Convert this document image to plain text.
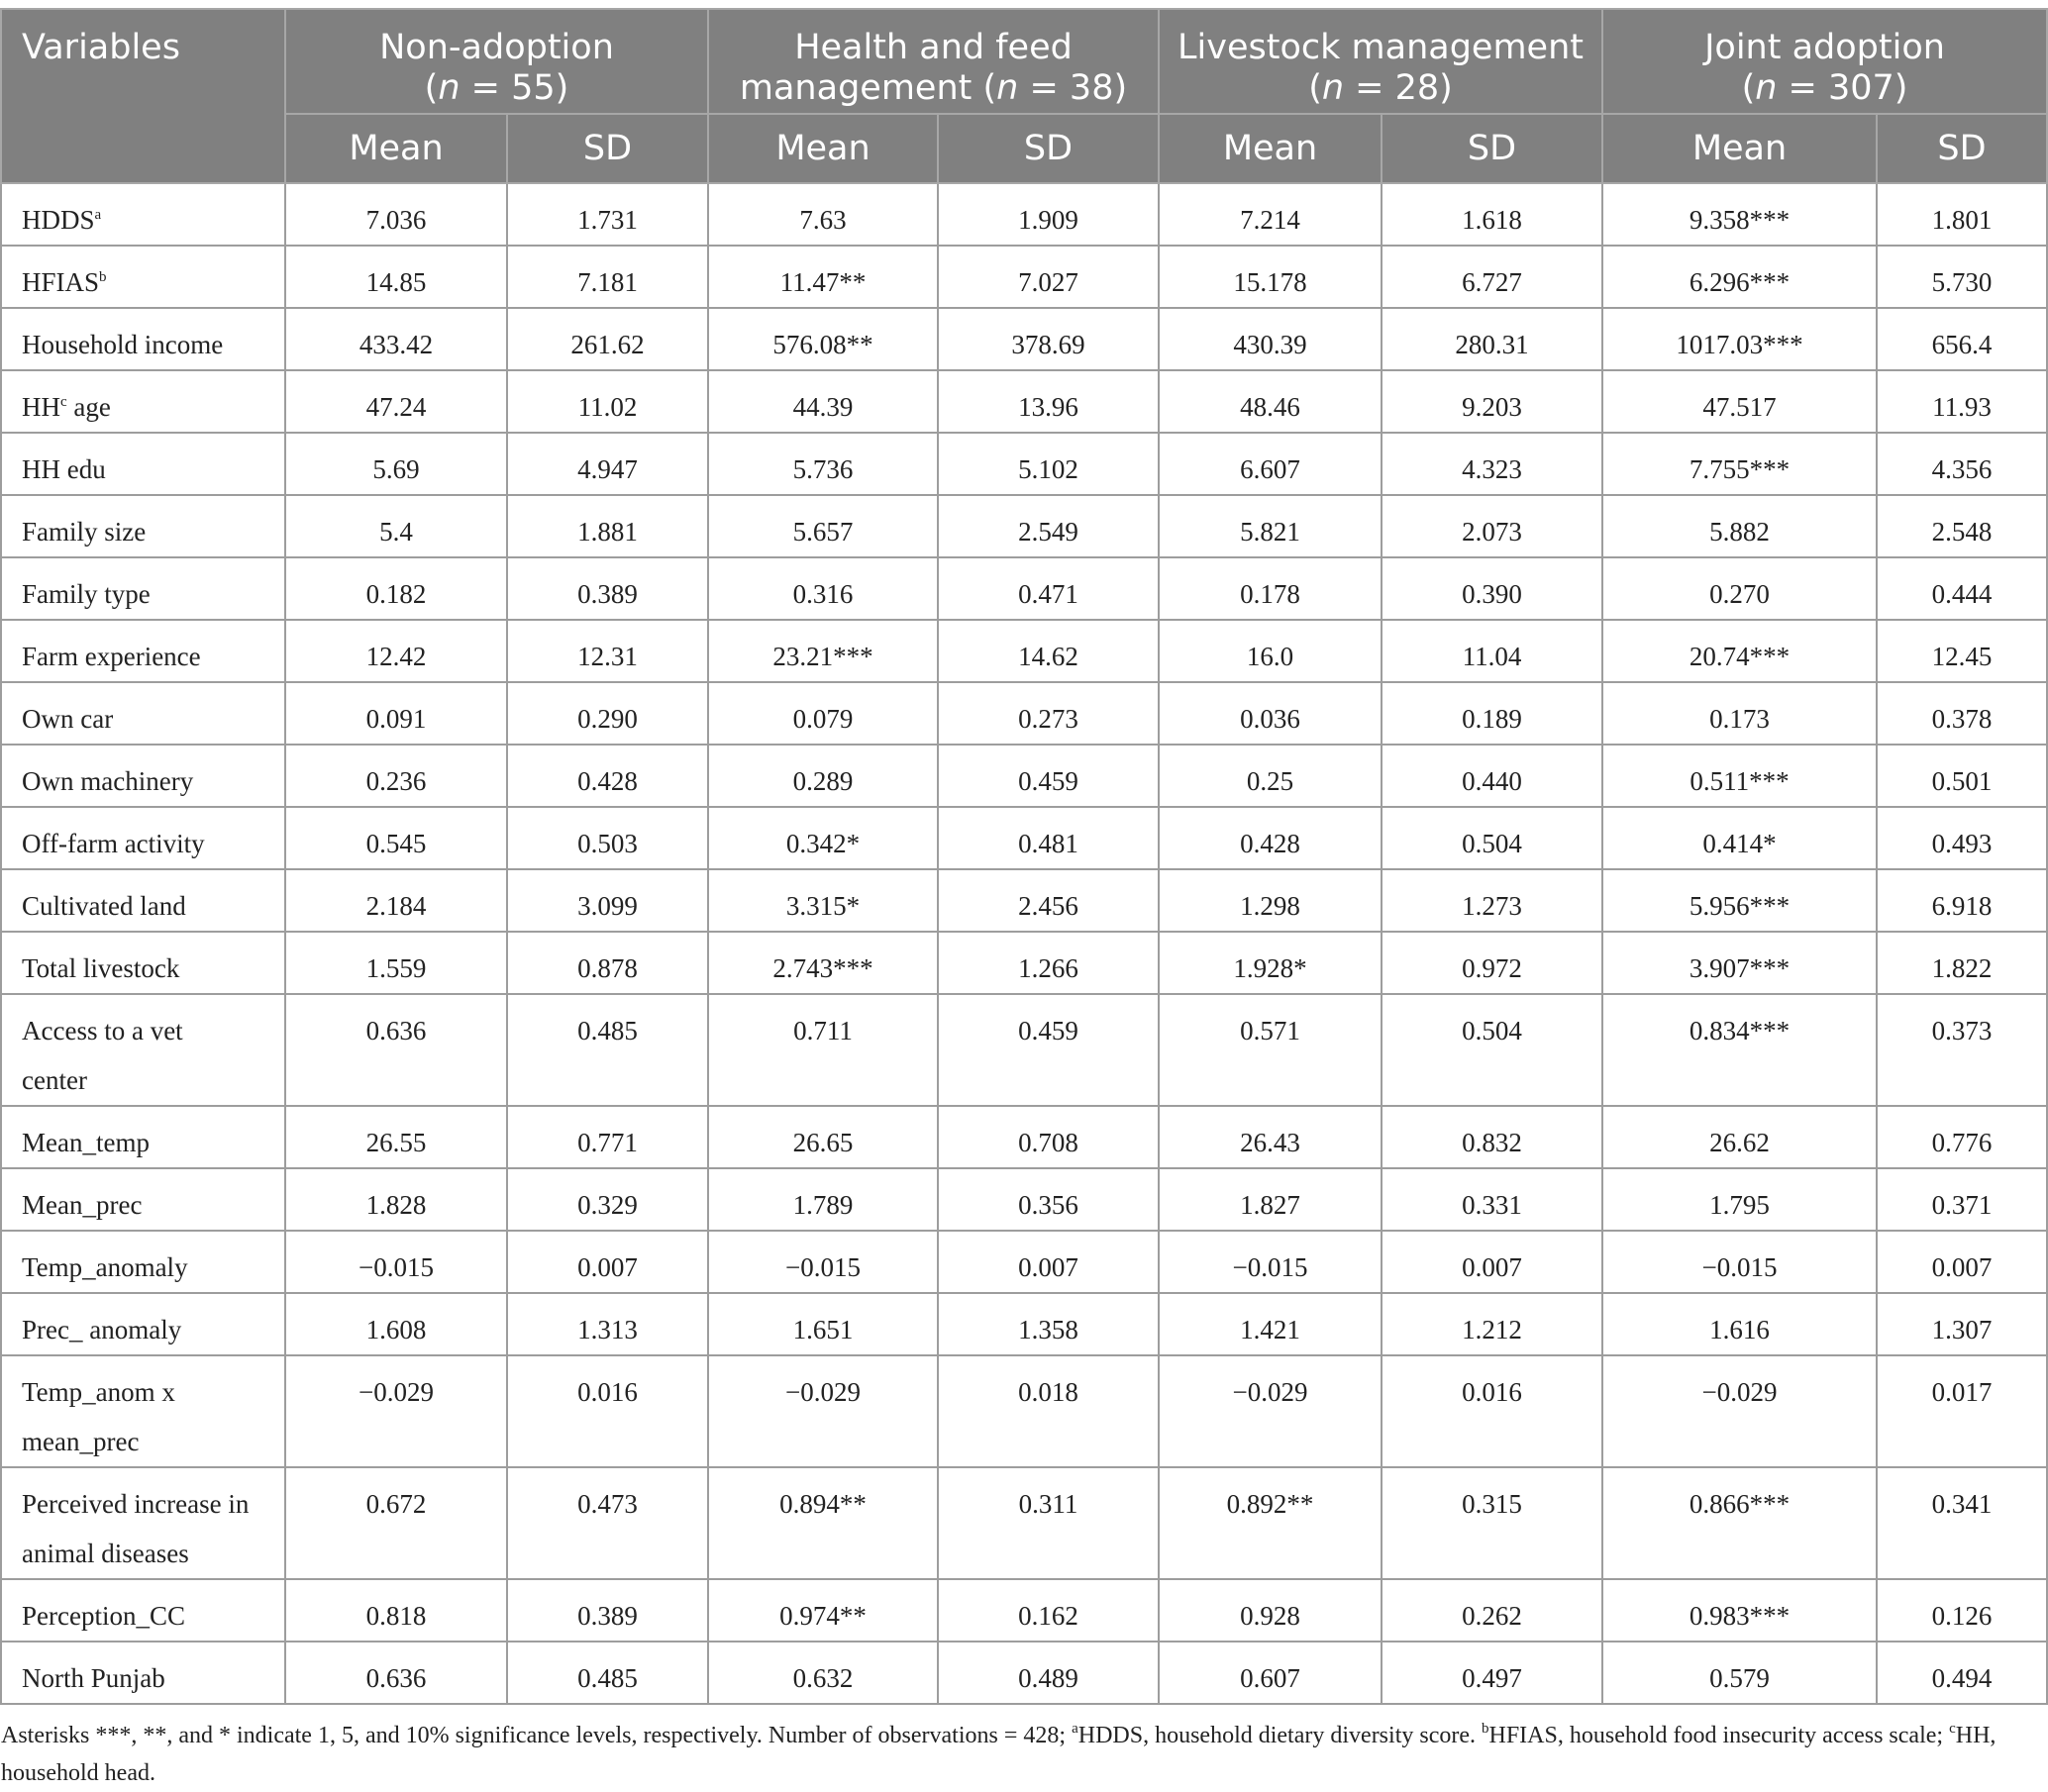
Variables	Non-adoption
(n = 55)		Health and feed
management (n = 38)		Livestock management
(n = 28)		Joint adoption
(n = 307)	
	Mean	SD	Mean	SD	Mean	SD	Mean	SD
HDDS$^a$	7.036	1.731	7.63	1.909	7.214	1.618	9.358***	1.801
HFIAS$^b$	14.85	7.181	11.47**	7.027	15.178	6.727	6.296***	5.730
Household income	433.42	261.62	576.08**	378.69	430.39	280.31	1017.03***	656.4
$HH^c$ age	47.24	11.02	44.39	13.96	48.46	9.203	47.517	11.93
HH edu	5.69	4.947	5.736	5.102	6.607	4.323	7.755***	4.356
Family size	5.4	1.881	5.657	2.549	5.821	2.073	5.882	2.548
Family type	0.182	0.389	0.316	0.471	0.178	0.390	0.270	0.444
Farm experience	12.42	12.31	23.21***	14.62	16.0	11.04	20.74***	12.45
Own car	0.091	0.290	0.079	0.273	0.036	0.189	0.173	0.378
Own machinery	0.236	0.428	0.289	0.459	0.25	0.440	0.511***	0.501
Off-farm activity	0.545	0.503	0.342*	0.481	0.428	0.504	0.414*	0.493
Cultivated land	2.184	3.099	3.315*	2.456	1.298	1.273	5.956***	6.918
Total livestock	1.559	0.878	2.743***	1.266	1.928*	0.972	3.907***	1.822
Access to a vet
center	0.636	0.485	0.711	0.459	0.571	0.504	0.834***	0.373
Mean_temp	26.55	0.771	26.65	0.708	26.43	0.832	26.62	0.776
Mean_prec	1.828	0.329	1.789	0.356	1.827	0.331	1.795	0.371
Temp_anomaly	−0.015	0.007	−0.015	0.007	−0.015	0.007	−0.015	0.007
Prec_ anomaly	1.608	1.313	1.651	1.358	1.421	1.212	1.616	1.307
Temp_anom x
mean_prec	−0.029	0.016	−0.029	0.018	−0.029	0.016	−0.029	0.017
Perceived increase in
animal diseases	0.672	0.473	0.894**	0.311	0.892**	0.315	0.866***	0.341
Perception_CC	0.818	0.389	0.974**	0.162	0.928	0.262	0.983***	0.126
North Punjab	0.636	0.485	0.632	0.489	0.607	0.497	0.579	0.494
Asterisks ***, **, and * indicate 1, 5, and 10% significance levels, respectively. Number of observations = 428; $^a$HDDS, household dietary diversity score. $^b$HFIAS, household food insecurity access scale; $^c$HH, household head.
